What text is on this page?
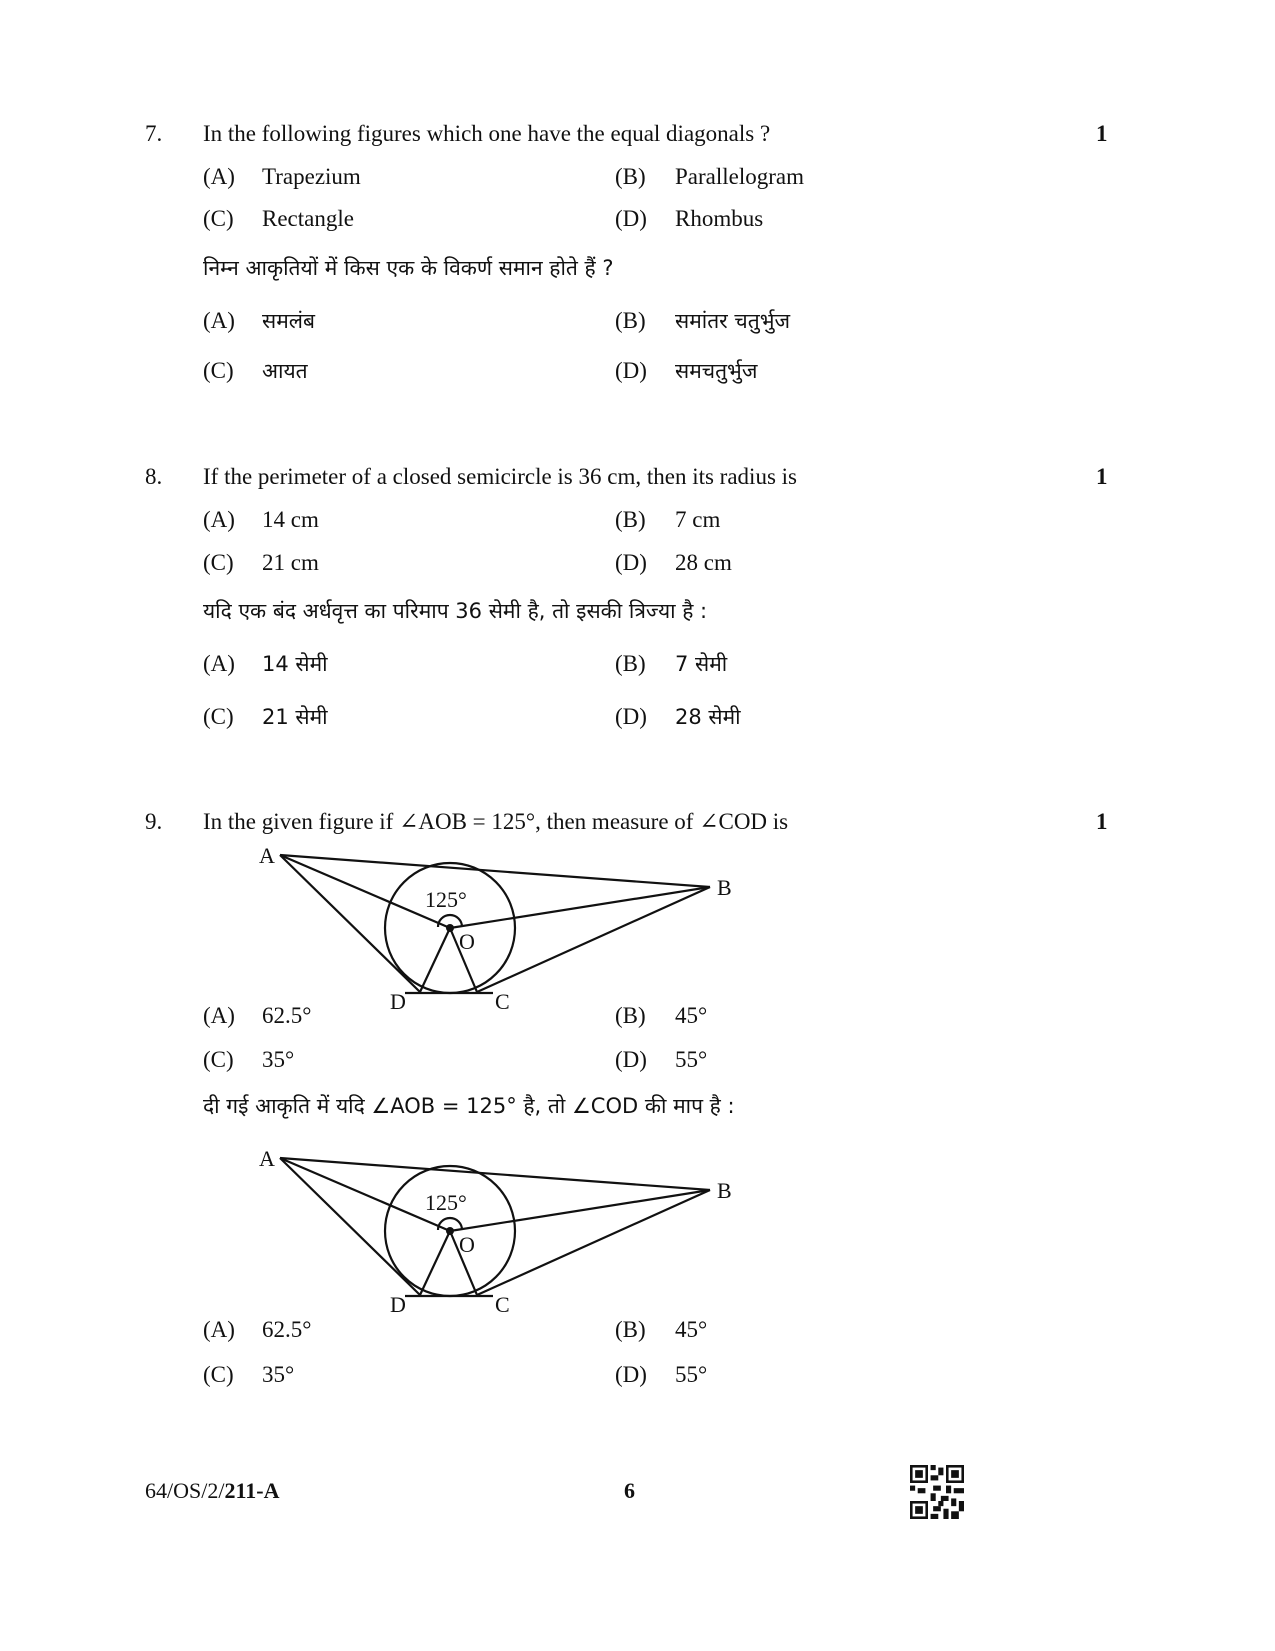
7. In the following figures which one have the equal diagonals ?	1
(A) Trapezium	(B) Parallelogram
(C) Rectangle	(D) Rhombus
निम्न आकृतियों में किस एक के विकर्ण समान होते हैं ?
(A) समलंब	(B) समांतर चतुर्भुज
(C) आयत	(D) समचतुर्भुज
8. If the perimeter of a closed semicircle is 36 cm, then its radius is	1
(A) 14 cm	(B) 7 cm
(C) 21 cm	(D) 28 cm
यदि एक बंद अर्धवृत्त का परिमाप 36 सेमी है, तो इसकी त्रिज्या है :
(A) 14 सेमी	(B) 7 सेमी
(C) 21 सेमी	(D) 28 सेमी
9. In the given figure if ∠AOB = 125°, then measure of ∠COD is	1
A
B
O
D	C
125°
(A) 62.5°	(B) 45°
(C) 35°	(D) 55°
दी गई आकृति में यदि ∠AOB = 125° है, तो ∠COD की माप है :
A
B
O
D	C
125°
(A) 62.5°	(B) 45°
(C) 35°	(D) 55°
64/OS/2/211-A	6
